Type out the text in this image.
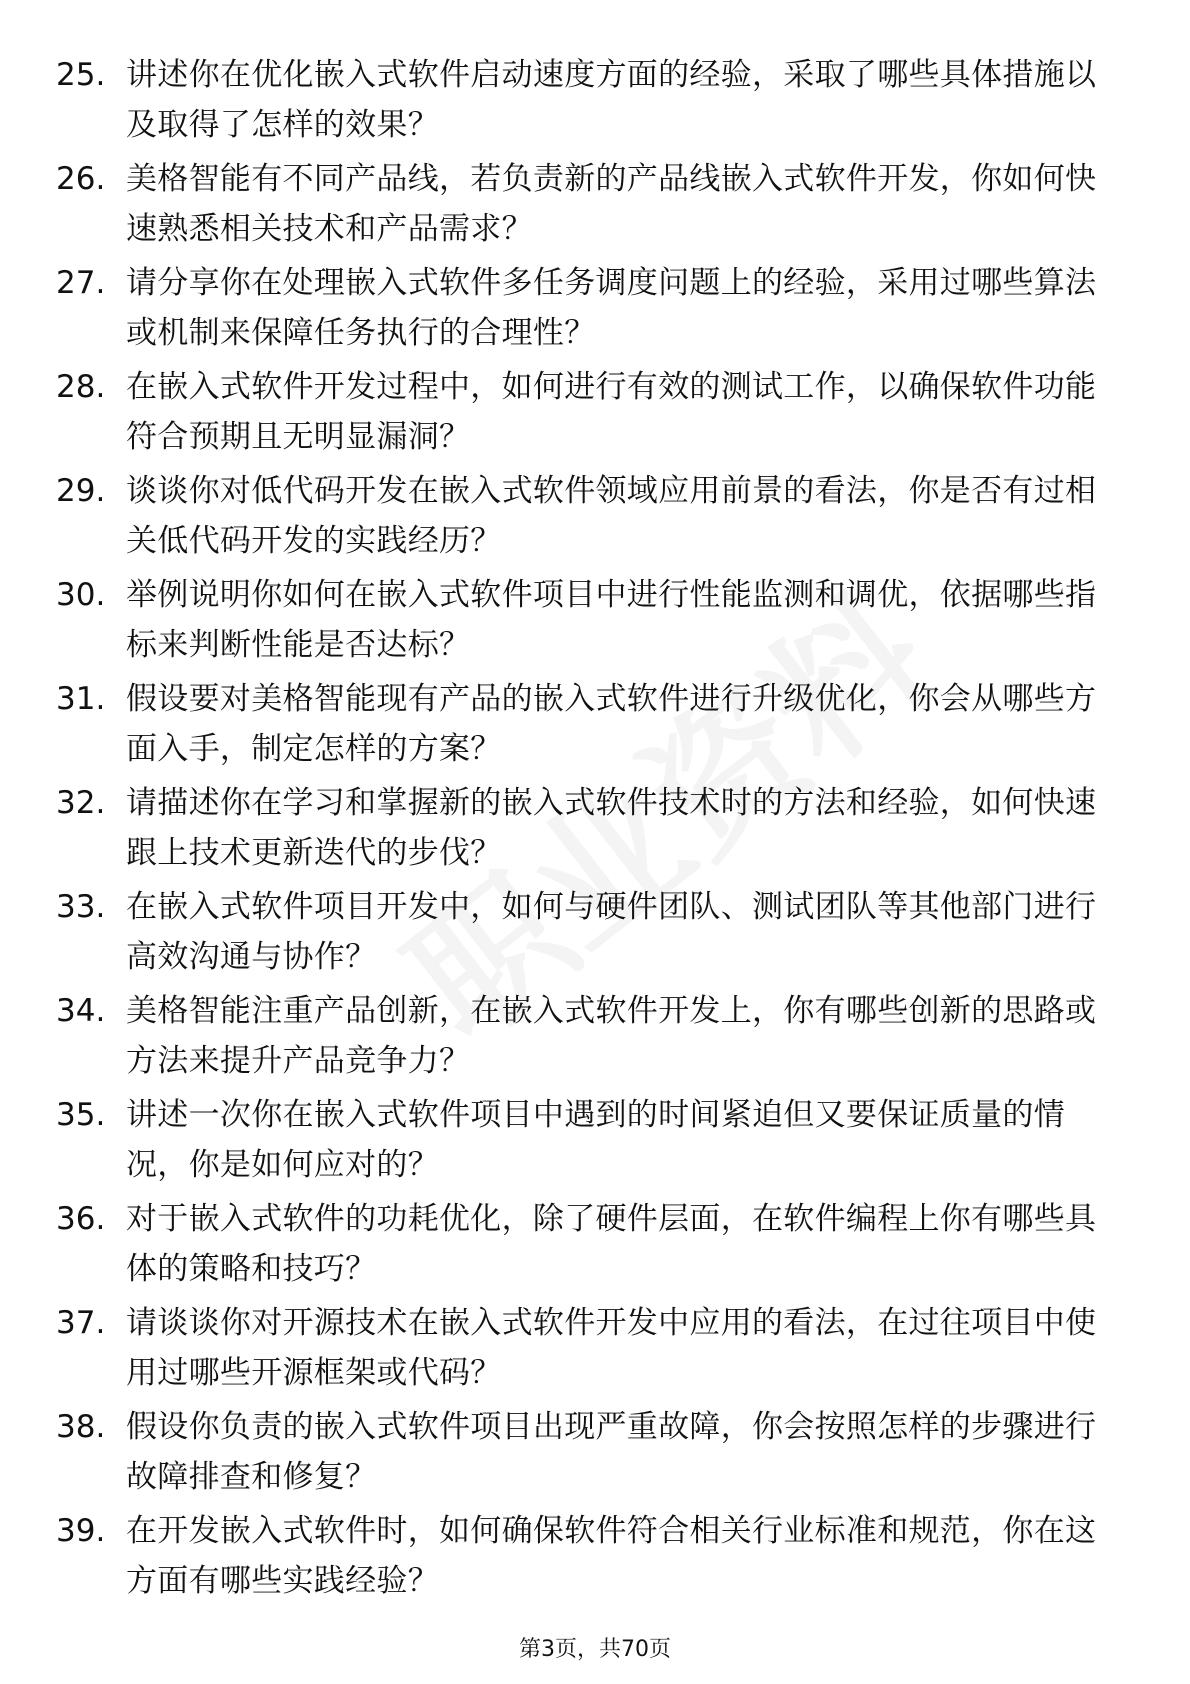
25. 讲述你在优化嵌入式软件启动速度方面的经验，采取了哪些具体措施以及取得了怎样的效果？
26. 美格智能有不同产品线，若负责新的产品线嵌入式软件开发，你如何快速熟悉相关技术和产品需求？
27. 请分享你在处理嵌入式软件多任务调度问题上的经验，采用过哪些算法或机制来保障任务执行的合理性？
28. 在嵌入式软件开发过程中，如何进行有效的测试工作，以确保软件功能符合预期且无明显漏洞？
29. 谈谈你对低代码开发在嵌入式软件领域应用前景的看法，你是否有过相关低代码开发的实践经历？
30. 举例说明你如何在嵌入式软件项目中进行性能监测和调优，依据哪些指标来判断性能是否达标？
31. 假设要对美格智能现有产品的嵌入式软件进行升级优化，你会从哪些方面入手，制定怎样的方案？
32. 请描述你在学习和掌握新的嵌入式软件技术时的方法和经验，如何快速跟上技术更新迭代的步伐？
33. 在嵌入式软件项目开发中，如何与硬件团队、测试团队等其他部门进行高效沟通与协作？
34. 美格智能注重产品创新，在嵌入式软件开发上，你有哪些创新的思路或方法来提升产品竞争力？
35. 讲述一次你在嵌入式软件项目中遇到的时间紧迫但又要保证质量的情况，你是如何应对的？
36. 对于嵌入式软件的功耗优化，除了硬件层面，在软件编程上你有哪些具体的策略和技巧？
37. 请谈谈你对开源技术在嵌入式软件开发中应用的看法，在过往项目中使用过哪些开源框架或代码？
38. 假设你负责的嵌入式软件项目出现严重故障，你会按照怎样的步骤进行故障排查和修复？
39. 在开发嵌入式软件时，如何确保软件符合相关行业标准和规范，你在这方面有哪些实践经验？
第3页，共70页
